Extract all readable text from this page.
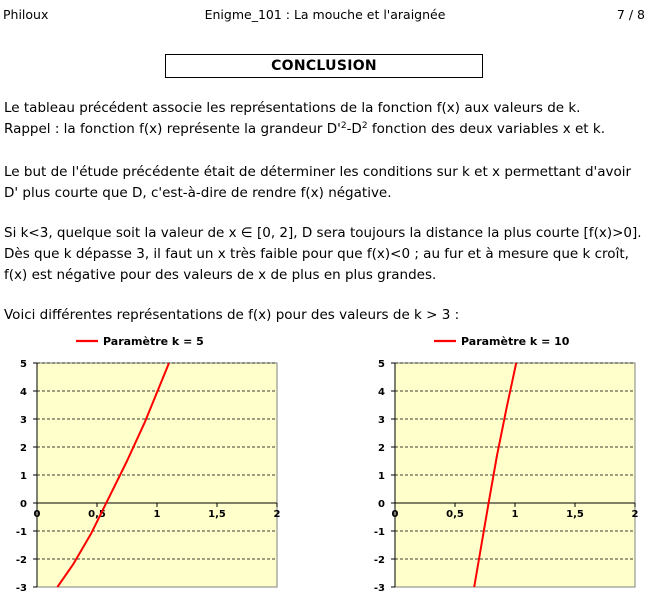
Philoux	Enigme_101 : La mouche et l'araignée	7 / 8
CONCLUSION
Le tableau précédent associe les représentations de la fonction f(x) aux valeurs de k.
Rappel : la fonction f(x) représente la grandeur $D'^2-D^2$ fonction des deux variables x et k.
Le but de l'étude précédente était de déterminer les conditions sur k et x permettant d'avoir
D' plus courte que D, c'est-à-dire de rendre f(x) négative.
Si k<3, quelque soit la valeur de x ∈ [0, 2], D sera toujours la distance la plus courte [f(x)>0].
Dès que k dépasse 3, il faut un x très faible pour que f(x)<0 ; au fur et à mesure que k croît,
f(x) est négative pour des valeurs de x de plus en plus grandes.
Voici différentes représentations de f(x) pour des valeurs de k > 3 :
Paramètre k = 5
5
4
3
2
1
0
-1
-2
-3
0	0,5	1	1,5	2
Paramètre k = 10
5
4
3
2
1
0
-1
-2
-3
0	0,5	1	1,5	2
